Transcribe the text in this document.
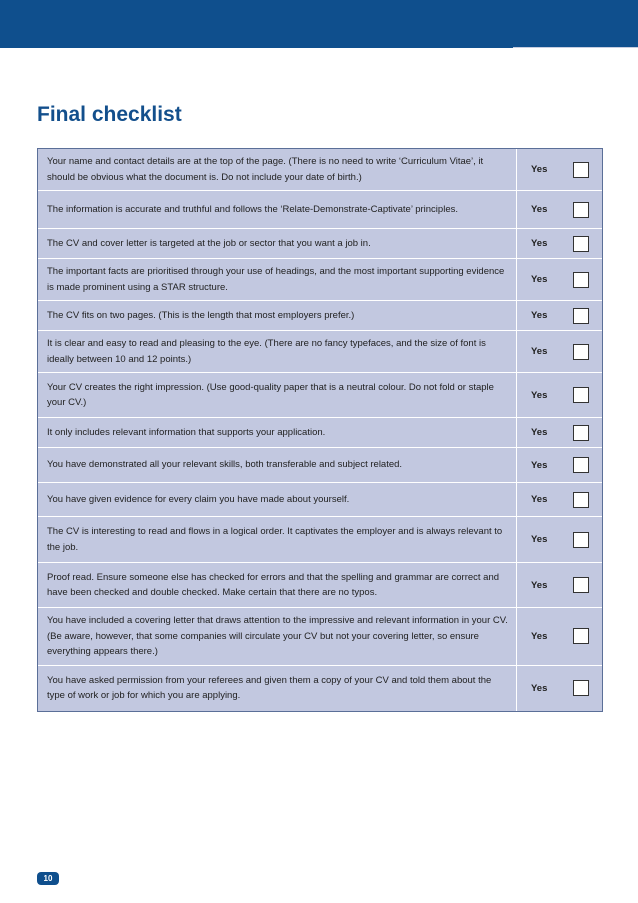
Final checklist
Your name and contact details are at the top of the page. (There is no need to write ‘Curriculum Vitae’, it should be obvious what the document is. Do not include your date of birth.)
Yes
The information is accurate and truthful and follows the ‘Relate-Demonstrate-Captivate’ principles.	Yes
The CV and cover letter is targeted at the job or sector that you want a job in.	Yes
The important facts are prioritised through your use of headings, and the most important supporting evidence is made prominent using a STAR structure.
Yes
The CV fits on two pages. (This is the length that most employers prefer.)	Yes
It is clear and easy to read and pleasing to the eye. (There are no fancy typefaces, and the size of font is ideally between 10 and 12 points.)
Yes
Your CV creates the right impression. (Use good-quality paper that is a neutral colour. Do not fold or staple your CV.)
Yes
It only includes relevant information that supports your application.	Yes
You have demonstrated all your relevant skills, both transferable and subject related.	Yes
You have given evidence for every claim you have made about yourself.	Yes
The CV is interesting to read and flows in a logical order. It captivates the employer and is always relevant to the job.
Yes
Proof read. Ensure someone else has checked for errors and that the spelling and grammar are correct and have been checked and double checked. Make certain that there are no typos.
Yes
You have included a covering letter that draws attention to the impressive and relevant information in your CV. (Be aware, however, that some companies will circulate your CV but not your covering letter, so ensure everything appears there.)
Yes
You have asked permission from your referees and given them a copy of your CV and told them about the type of work or job for which you are applying.
Yes
10
